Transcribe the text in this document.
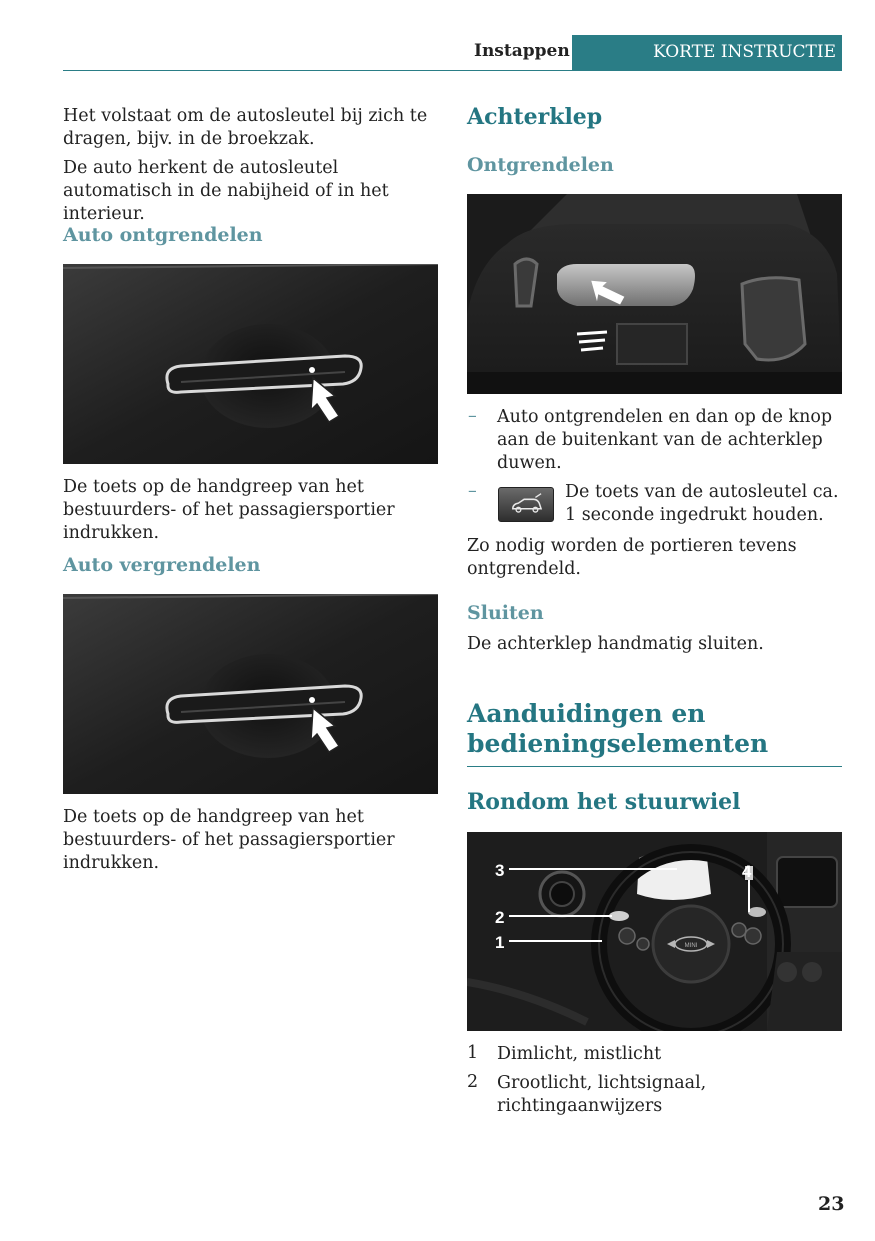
Instappen	KORTE INSTRUCTIE
Het volstaat om de autosleutel bij zich te dragen, bijv. in de broekzak.
De auto herkent de autosleutel automatisch in de nabijheid of in het interieur.
Auto ontgrendelen
De toets op de handgreep van het bestuurders- of het passagiersportier indrukken.
Auto vergrendelen
De toets op de handgreep van het bestuurders- of het passagiersportier indrukken.
Achterklep
Ontgrendelen
– Auto ontgrendelen en dan op de knop aan de buitenkant van de achterklep duwen.
–	De toets van de autosleutel ca. 1 seconde ingedrukt houden.
Zo nodig worden de portieren tevens ontgrendeld.
Sluiten
De achterklep handmatig sluiten.
Aanduidingen en bedieningselementen
Rondom het stuurwiel
3	4
2
1	MINI
1 Dimlicht, mistlicht
2 Grootlicht, lichtsignaal, richtingaanwijzers
23
